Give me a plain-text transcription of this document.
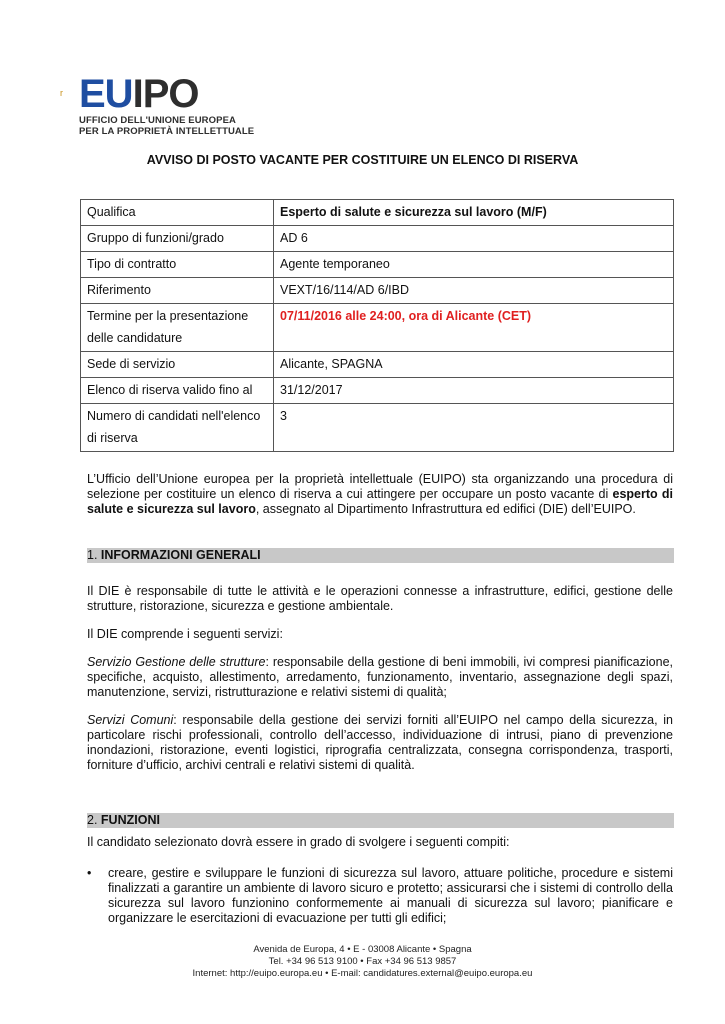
r EUIPO
UFFICIO DELL'UNIONE EUROPEA
PER LA PROPRIETÀ INTELLETTUALE
AVVISO DI POSTO VACANTE PER COSTITUIRE UN ELENCO DI RISERVA
Qualifica	Esperto di salute e sicurezza sul lavoro (M/F)
Gruppo di funzioni/grado	AD 6
Tipo di contratto	Agente temporaneo
Riferimento	VEXT/16/114/AD 6/IBD
Termine per la presentazione delle candidature	07/11/2016 alle 24:00, ora di Alicante (CET)
Sede di servizio	Alicante, SPAGNA
Elenco di riserva valido fino al	31/12/2017
Numero di candidati nell'elenco di riserva	3
L’Ufficio dell’Unione europea per la proprietà intellettuale (EUIPO) sta organizzando una procedura di selezione per costituire un elenco di riserva a cui attingere per occupare un posto vacante di esperto di salute e sicurezza sul lavoro, assegnato al Dipartimento Infrastruttura ed edifici (DIE) dell’EUIPO.
1. INFORMAZIONI GENERALI
Il DIE è responsabile di tutte le attività e le operazioni connesse a infrastrutture, edifici, gestione delle strutture, ristorazione, sicurezza e gestione ambientale.
Il DIE comprende i seguenti servizi:
Servizio Gestione delle strutture: responsabile della gestione di beni immobili, ivi compresi pianificazione, specifiche, acquisto, allestimento, arredamento, funzionamento, inventario, assegnazione degli spazi, manutenzione, servizi, ristrutturazione e relativi sistemi di qualità;
Servizi Comuni: responsabile della gestione dei servizi forniti all’EUIPO nel campo della sicurezza, in particolare rischi professionali, controllo dell’accesso, individuazione di intrusi, piano di prevenzione inondazioni, ristorazione, eventi logistici, riprografia centralizzata, consegna corrispondenza, trasporti, forniture d’ufficio, archivi centrali e relativi sistemi di qualità.
2. FUNZIONI
Il candidato selezionato dovrà essere in grado di svolgere i seguenti compiti:
• creare, gestire e sviluppare le funzioni di sicurezza sul lavoro, attuare politiche, procedure e sistemi finalizzati a garantire un ambiente di lavoro sicuro e protetto; assicurarsi che i sistemi di controllo della sicurezza sul lavoro funzionino conformemente ai manuali di sicurezza sul lavoro; pianificare e organizzare le esercitazioni di evacuazione per tutti gli edifici;
Avenida de Europa, 4 • E - 03008 Alicante • Spagna
Tel. +34 96 513 9100 • Fax +34 96 513 9857
Internet: http://euipo.europa.eu • E-mail: candidatures.external@euipo.europa.eu
